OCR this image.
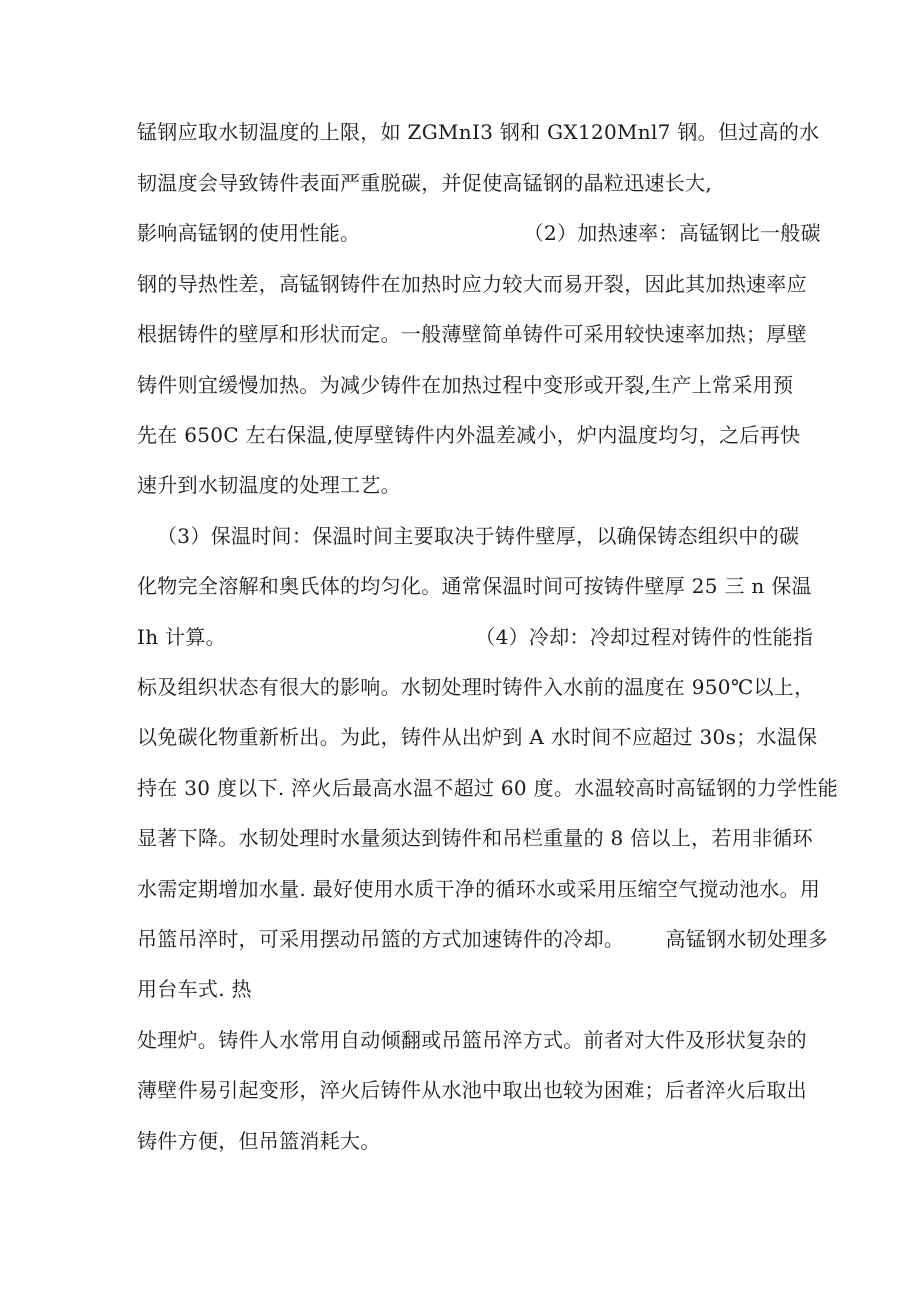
锰钢应取水韧温度的上限，如 ZGMnI3 钢和 GX120Mnl7 钢。但过高的水
韧温度会导致铸件表面严重脱碳，并促使高锰钢的晶粒迅速长大,
影响高锰钢的使用性能。	（2）加热速率：高锰钢比一般碳
钢的导热性差，高锰钢铸件在加热时应力较大而易开裂，因此其加热速率应
根据铸件的壁厚和形状而定。一般薄壁简单铸件可采用较快速率加热；厚壁
铸件则宜缓慢加热。为减少铸件在加热过程中变形或开裂,生产上常采用预
先在 650C 左右保温,使厚壁铸件内外温差减小，炉内温度均匀，之后再快
速升到水韧温度的处理工艺。
（3）保温时间：保温时间主要取决于铸件壁厚，以确保铸态组织中的碳
化物完全溶解和奥氏体的均匀化。通常保温时间可按铸件壁厚 25 三 n 保温
Ih 计算。	（4）冷却：冷却过程对铸件的性能指
标及组织状态有很大的影响。水韧处理时铸件入水前的温度在 950℃以上，
以免碳化物重新析出。为此，铸件从出炉到 A 水时间不应超过 30s；水温保
持在 30 度以下. 淬火后最高水温不超过 60 度。水温较高时高锰钢的力学性能
显著下降。水韧处理时水量须达到铸件和吊栏重量的 8 倍以上，若用非循环
水需定期增加水量. 最好使用水质干净的循环水或采用压缩空气搅动池水。用
吊篮吊淬时，可采用摆动吊篮的方式加速铸件的冷却。 高锰钢水韧处理多
用台车式. 热
处理炉。铸件人水常用自动倾翻或吊篮吊淬方式。前者对大件及形状复杂的
薄壁件易引起变形，淬火后铸件从水池中取出也较为困难；后者淬火后取出
铸件方便，但吊篮消耗大。
